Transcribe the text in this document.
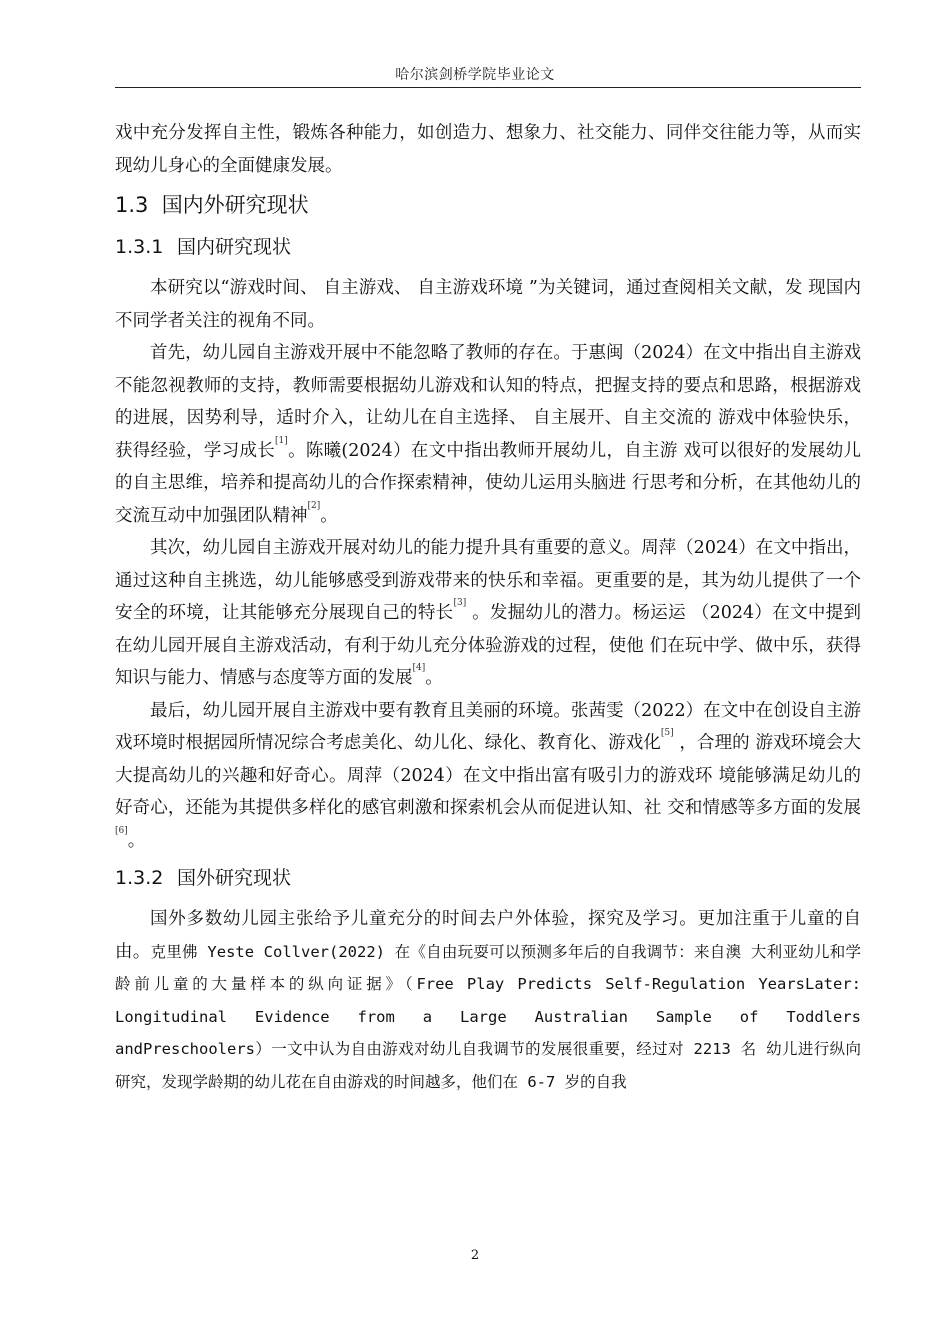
哈尔滨剑桥学院毕业论文

戏中充分发挥自主性，锻炼各种能力，如创造力、想象力、社交能力、同伴交往能力等，从而实现幼儿身心的全面健康发展。

1.3 国内外研究现状
1.3.1 国内研究现状

本研究以“游戏时间、 自主游戏、 自主游戏环境 ”为关键词，通过查阅相关文献，发 现国内不同学者关注的视角不同。

首先，幼儿园自主游戏开展中不能忽略了教师的存在。于惠闽（2024）在文中指出自主游戏不能忽视教师的支持，教师需要根据幼儿游戏和认知的特点，把握支持的要点和思路，根据游戏的进展，因势利导，适时介入，让幼儿在自主选择、 自主展开、自主交流的 游戏中体验快乐，获得经验，学习成长[1]。陈曦(2024）在文中指出教师开展幼儿，自主游 戏可以很好的发展幼儿的自主思维，培养和提高幼儿的合作探索精神，使幼儿运用头脑进 行思考和分析，在其他幼儿的交流互动中加强团队精神[2]。

其次，幼儿园自主游戏开展对幼儿的能力提升具有重要的意义。周萍（2024）在文中指出，通过这种自主挑选，幼儿能够感受到游戏带来的快乐和幸福。更重要的是，其为幼儿提供了一个安全的环境，让其能够充分展现自己的特长[3] 。发掘幼儿的潜力。杨运运 （2024）在文中提到在幼儿园开展自主游戏活动，有利于幼儿充分体验游戏的过程，使他 们在玩中学、做中乐，获得知识与能力、情感与态度等方面的发展[4]。

最后，幼儿园开展自主游戏中要有教育且美丽的环境。张茜雯（2022）在文中在创设自主游戏环境时根据园所情况综合考虑美化、幼儿化、绿化、教育化、游戏化[5] ，合理的 游戏环境会大大提高幼儿的兴趣和好奇心。周萍（2024）在文中指出富有吸引力的游戏环 境能够满足幼儿的好奇心，还能为其提供多样化的感官刺激和探索机会从而促进认知、社 交和情感等多方面的发展[6]。

1.3.2 国外研究现状

国外多数幼儿园主张给予儿童充分的时间去户外体验，探究及学习。更加注重于儿童的自由。克里佛 Yeste Collver(2022) 在《自由玩耍可以预测多年后的自我调节：来自澳 大利亚幼儿和学龄前儿童的大量样本的纵向证据》（Free Play Predicts Self-Regulation YearsLater: Longitudinal Evidence from a Large Australian Sample of Toddlers andPreschoolers）一文中认为自由游戏对幼儿自我调节的发展很重要，经过对 2213 名 幼儿进行纵向研究，发现学龄期的幼儿花在自由游戏的时间越多，他们在 6-7 岁的自我

2
